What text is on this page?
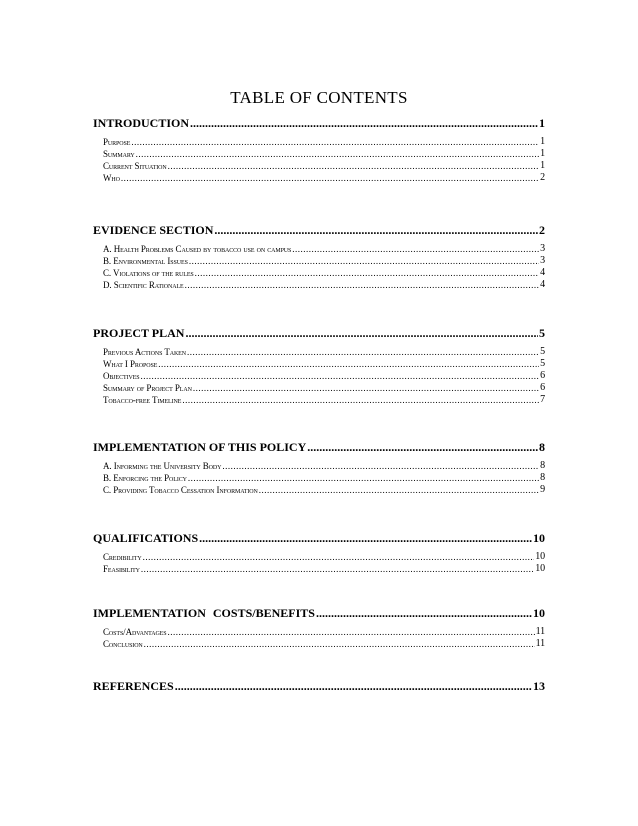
TABLE OF CONTENTS
INTRODUCTION .....	1
Purpose .....	1
Summary .....	1
Current Situation .....	1
Who .....	2
EVIDENCE SECTION .....	2
A. Health Problems Caused by tobacco use on campus .....	3
B. Environmental Issues .....	3
C. Violations of the rules .....	4
D. Scientific Rationale .....	4
PROJECT PLAN .....	5
Previous Actions Taken .....	5
What I Propose .....	5
Objectives .....	6
Summary of Project Plan .....	6
Tobacco-free Timeline .....	7
IMPLEMENTATION OF THIS POLICY .....	8
A. Informing the University Body .....	8
B. Enforcing the Policy .....	8
C. Providing Tobacco Cessation Information .....	9
QUALIFICATIONS .....	10
Credibility .....	10
Feasibility .....	10
IMPLEMENTATION COSTS/BENEFITS .....	10
Costs/Advantages .....	11
Conclusion .....	11
REFERENCES .....	13
